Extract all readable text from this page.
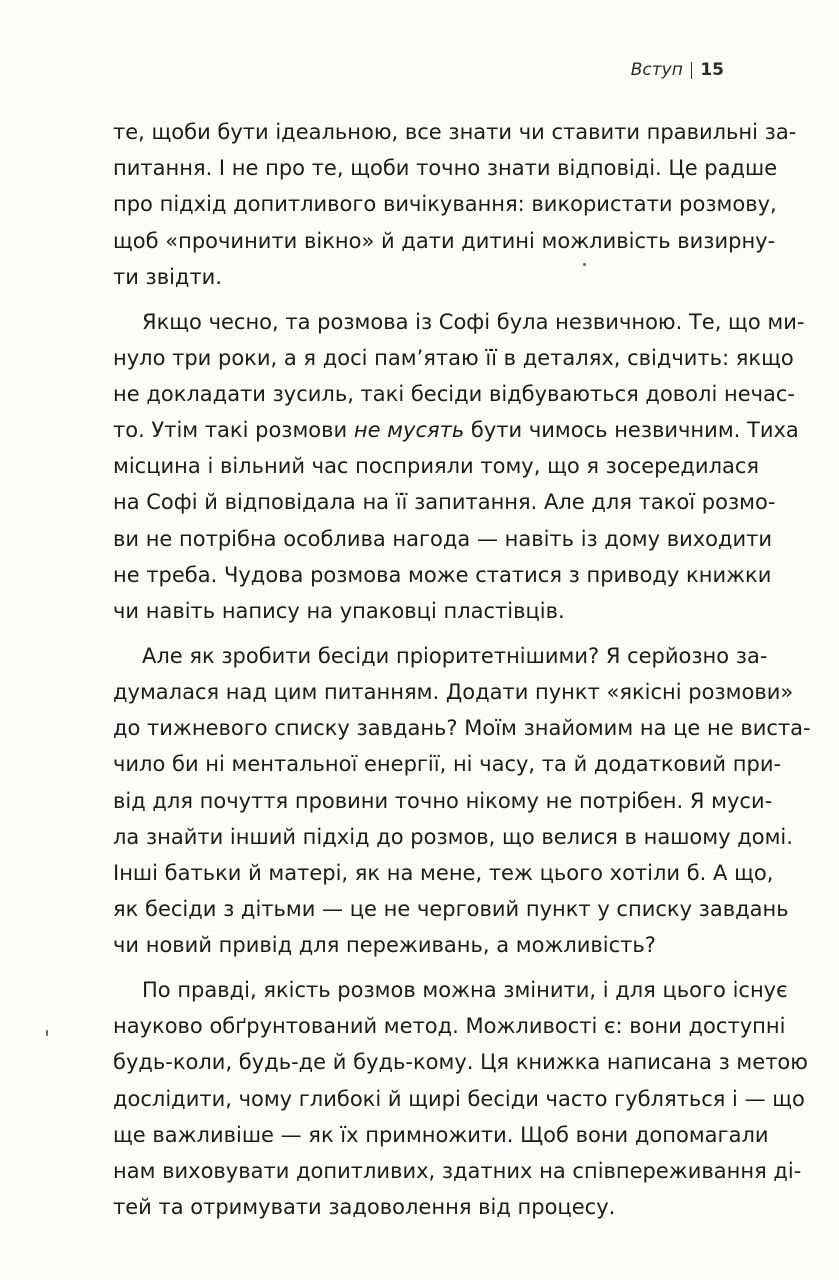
Вступ 15
те, щоби бути ідеальною, все знати чи ставити правильні за-
питання. І не про те, щоби точно знати відповіді. Це радше
про підхід допитливого вичікування: використати розмову,
щоб «прочинити вікно» й дати дитині можливість визирну-
ти звідти.
Якщо чесно, та розмова із Софі була незвичною. Те, що ми-
нуло три роки, а я досі пам’ятаю її в деталях, свідчить: якщо
не докладати зусиль, такі бесіди відбуваються доволі нечас-
то. Утім такі розмови не мусять бути чимось незвичним. Тиха
місцина і вільний час посприяли тому, що я зосередилася
на Софі й відповідала на її запитання. Але для такої розмо-
ви не потрібна особлива нагода — навіть із дому виходити
не треба. Чудова розмова може статися з приводу книжки
чи навіть напису на упаковці пластівців.
Але як зробити бесіди пріоритетнішими? Я серйозно за-
думалася над цим питанням. Додати пункт «якісні розмови»
до тижневого списку завдань? Моїм знайомим на це не виста-
чило би ні ментальної енергії, ні часу, та й додатковий при-
від для почуття провини точно нікому не потрібен. Я муси-
ла знайти інший підхід до розмов, що велися в нашому домі.
Інші батьки й матері, як на мене, теж цього хотіли б. А що,
як бесіди з дітьми — це не черговий пункт у списку завдань
чи новий привід для переживань, а можливість?
По правді, якість розмов можна змінити, і для цього існує
науково обґрунтований метод. Можливості є: вони доступні
будь-коли, будь-де й будь-кому. Ця книжка написана з метою
дослідити, чому глибокі й щирі бесіди часто губляться і — що
ще важливіше — як їх примножити. Щоб вони допомагали
нам виховувати допитливих, здатних на співпереживання ді-
тей та отримувати задоволення від процесу.
